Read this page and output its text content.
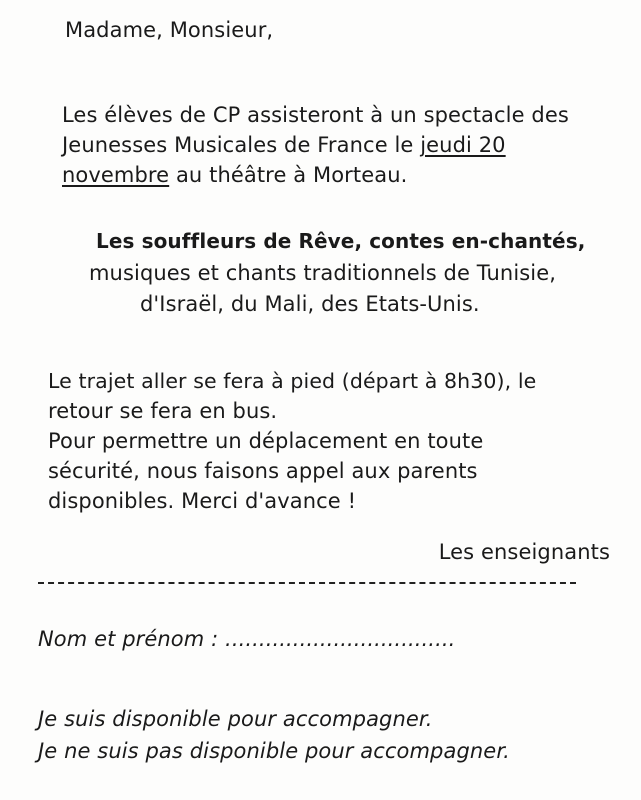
Madame, Monsieur,
Les élèves de CP assisteront à un spectacle des
Jeunesses Musicales de France le jeudi 20
novembre au théâtre à Morteau.
Les souffleurs de Rêve, contes en-chantés,
musiques et chants traditionnels de Tunisie,
d'Israël, du Mali, des Etats-Unis.
Le trajet aller se fera à pied (départ à 8h30), le
retour se fera en bus.
Pour permettre un déplacement en toute
sécurité, nous faisons appel aux parents
disponibles. Merci d'avance !
Les enseignants
Nom et prénom : ..................................
Je suis disponible pour accompagner.
Je ne suis pas disponible pour accompagner.
